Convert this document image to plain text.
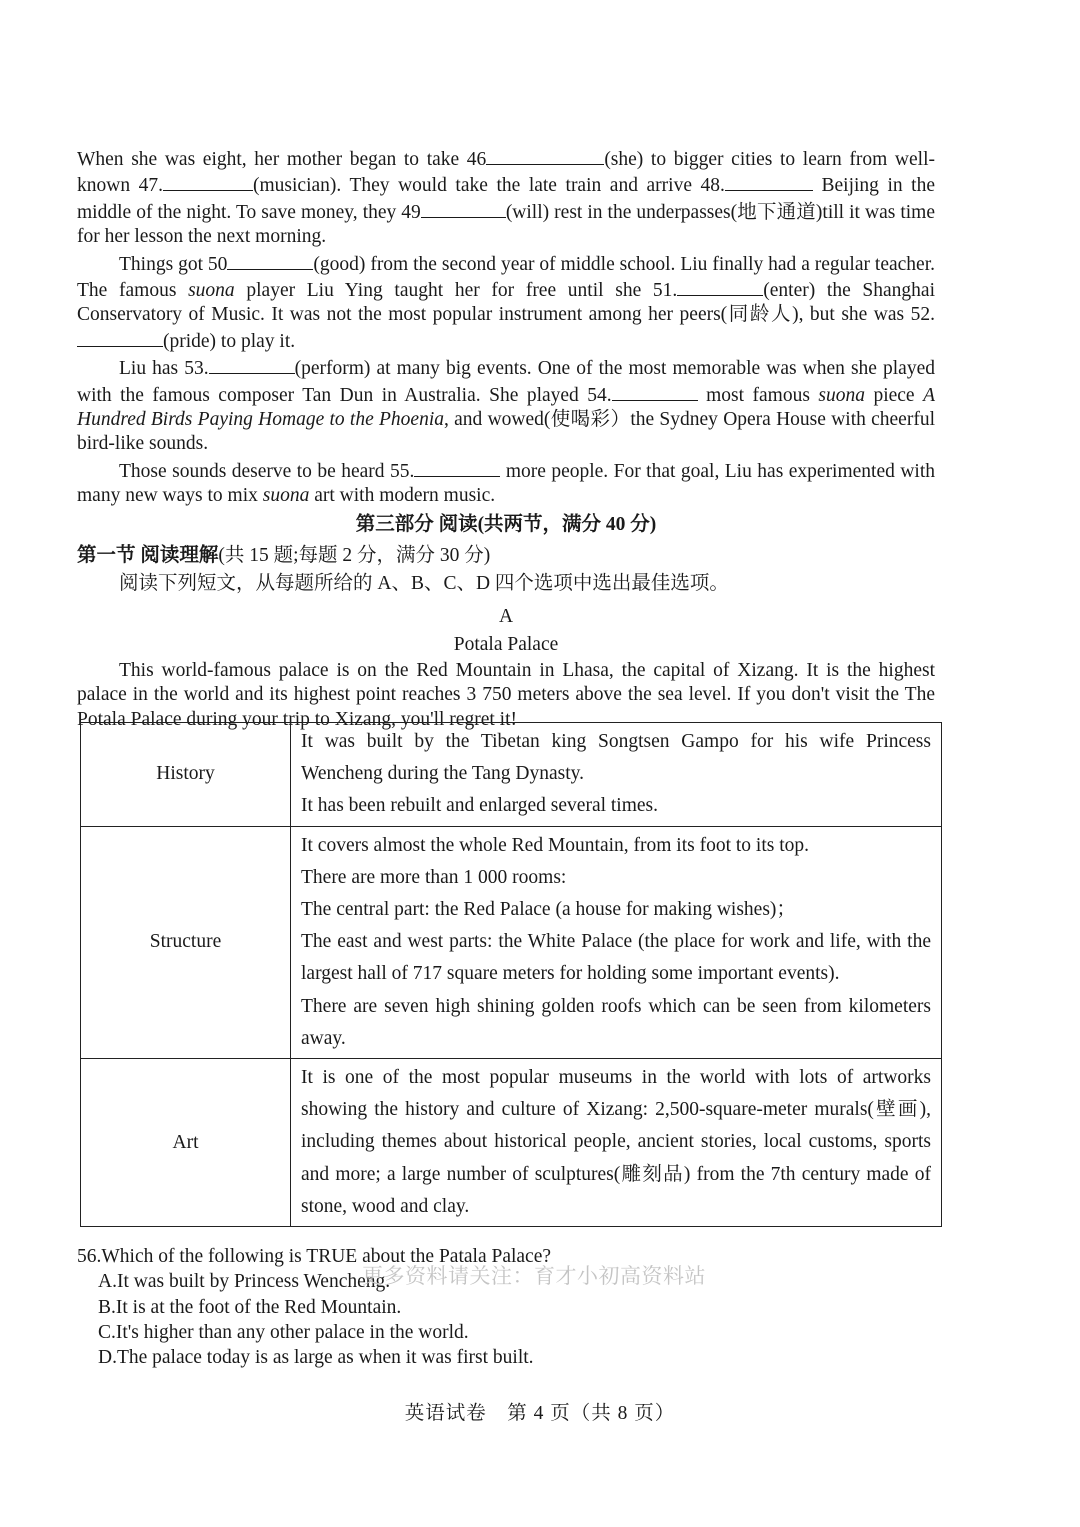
When she was eight, her mother began to take 46	(she) to bigger cities to learn from well-known 47.	(musician). They would take the late train and arrive 48.	Beijing in the middle of the night. To save money, they 49	(will) rest in the underpasses(地下通道)till it was time for her lesson the next morning.

Things got 50	(good) from the second year of middle school. Liu finally had a regular teacher. The famous suona player Liu Ying taught her for free until she 51.	(enter) the Shanghai Conservatory of Music. It was not the most popular instrument among her peers(同龄人), but she was 52.(pride) to play it.

Liu has 53.	(perform) at many big events. One of the most memorable was when she played with the famous composer Tan Dun in Australia. She played 54.	most famous suona piece A Hundred Birds Paying Homage to the Phoenia, and wowed(使喝彩）the Sydney Opera House with cheerful bird-like sounds.

Those sounds deserve to be heard 55.	more people. For that goal, Liu has experimented with many new ways to mix suona art with modern music.

第三部分 阅读(共两节，满分 40 分)

第一节 阅读理解(共 15 题;每题 2 分，满分 30 分)

阅读下列短文，从每题所给的 A、B、C、D 四个选项中选出最佳选项。

A

Potala Palace

This world-famous palace is on the Red Mountain in Lhasa, the capital of Xizang. It is the highest palace in the world and its highest point reaches 3 750 meters above the sea level. If you don't visit the The Potala Palace during your trip to Xizang, you'll regret it!

History	It was built by the Tibetan king Songtsen Gampo for his wife Princess Wencheng during the Tang Dynasty.
It has been rebuilt and enlarged several times.

Structure	It covers almost the whole Red Mountain, from its foot to its top.
There are more than 1 000 rooms:
The central part: the Red Palace (a house for making wishes)；
The east and west parts: the White Palace (the place for work and life, with the largest hall of 717 square meters for holding some important events).
There are seven high shining golden roofs which can be seen from kilometers away.

Art	It is one of the most popular museums in the world with lots of artworks showing the history and culture of Xizang: 2,500-square-meter murals(壁画), including themes about historical people, ancient stories, local customs, sports and more; a large number of sculptures(雕刻品) from the 7th century made of stone, wood and clay.
56.Which of the following is TRUE about the Patala Palace?
A.It was built by Princess Wencheng.
B.It is at the foot of the Red Mountain.
C.It's higher than any other palace in the world.
D.The palace today is as large as when it was first built.
更多资料请关注：育才小初高资料站
英语试卷　第 4 页（共 8 页）
